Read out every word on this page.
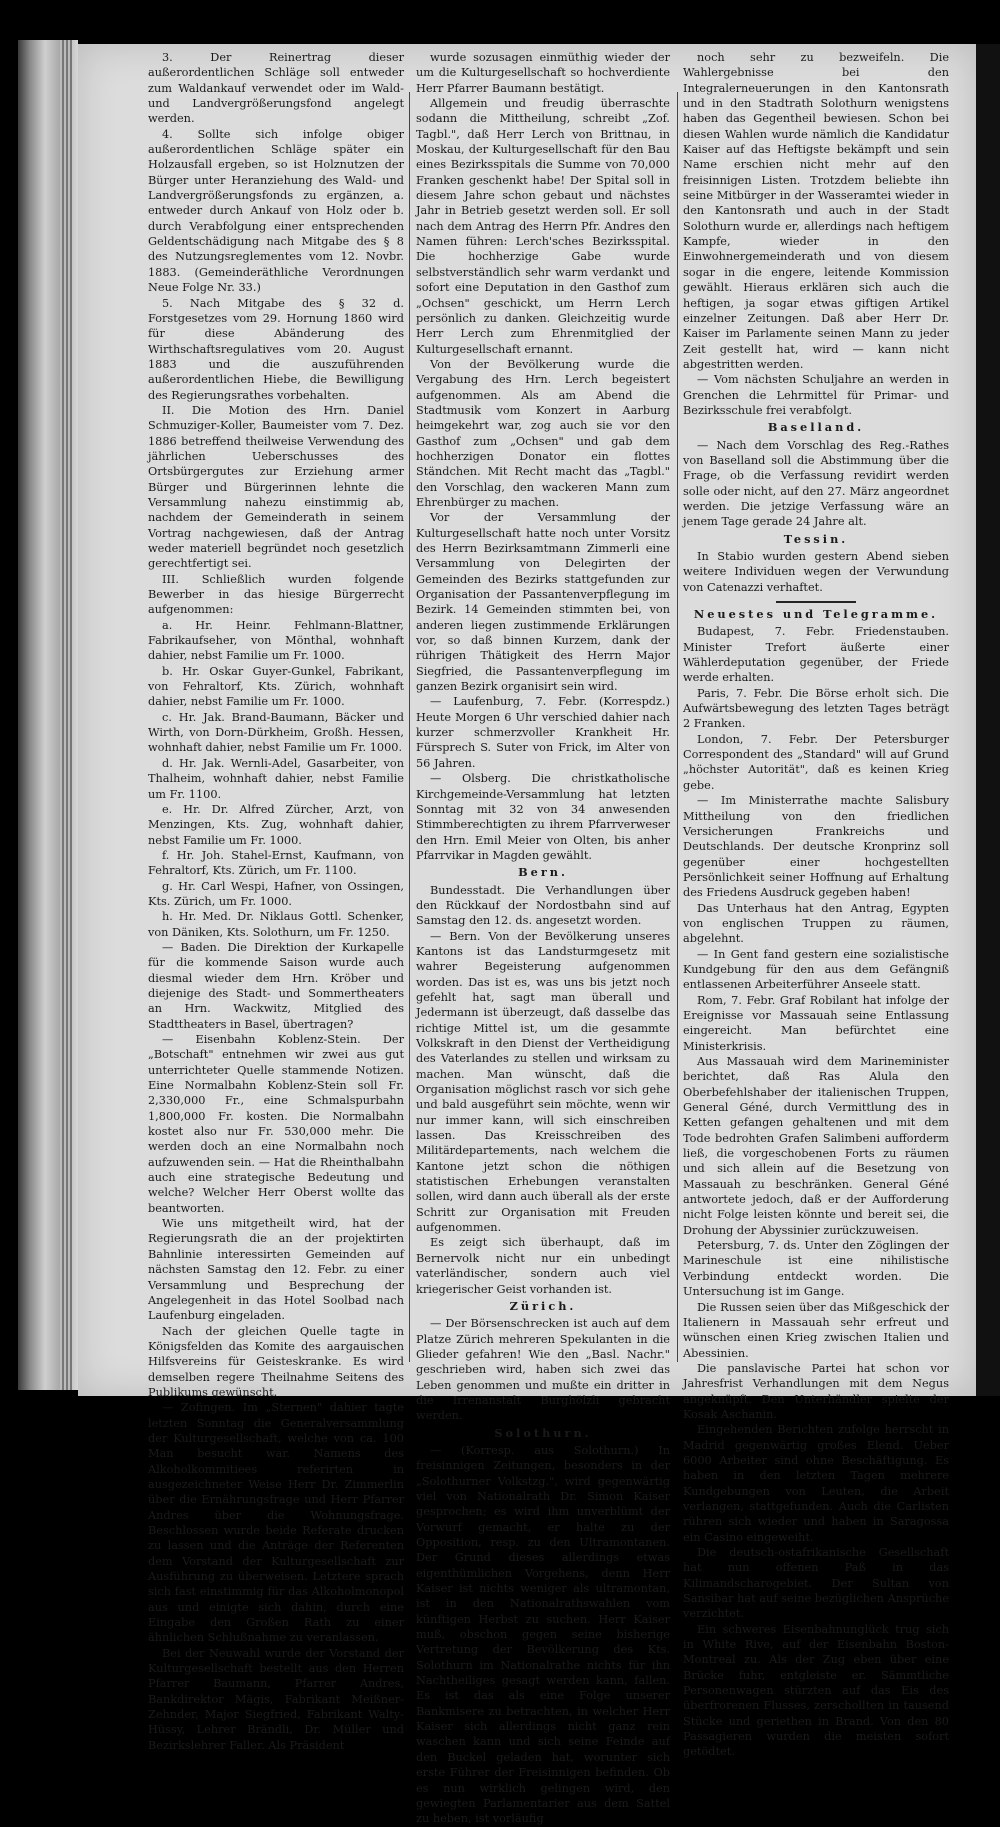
3. Der Reinertrag dieser außerordentlichen Schläge soll entweder zum Waldankauf verwendet oder im Wald- und Landvergrößerungsfond angelegt werden.

4. Sollte sich infolge obiger außerordentlichen Schläge später ein Holzausfall ergeben, so ist Holznutzen der Bürger unter Heranziehung des Wald- und Landvergrößerungsfonds zu ergänzen, a. entweder durch Ankauf von Holz oder b. durch Verabfolgung einer entsprechenden Geldentschädigung nach Mitgabe des § 8 des Nutzungsreglementes vom 12. Novbr. 1883. (Gemeinderäthliche Verordnungen Neue Folge Nr. 33.)

5. Nach Mitgabe des § 32 d. Forstgesetzes vom 29. Hornung 1860 wird für diese Abänderung des Wirthschaftsregulatives vom 20. August 1883 und die auszuführenden außerordentlichen Hiebe, die Bewilligung des Regierungsrathes vorbehalten.

II. Die Motion des Hrn. Daniel Schmuziger-Koller, Baumeister vom 7. Dez. 1886 betreffend theilweise Verwendung des jährlichen Ueberschusses des Ortsbürgergutes zur Erziehung armer Bürger und Bürgerinnen lehnte die Versammlung nahezu einstimmig ab, nachdem der Gemeinderath in seinem Vortrag nachgewiesen, daß der Antrag weder materiell begründet noch gesetzlich gerechtfertigt sei.

III. Schließlich wurden folgende Bewerber in das hiesige Bürgerrecht aufgenommen:

a. Hr. Heinr. Fehlmann-Blattner, Fabrikaufseher, von Mönthal, wohnhaft dahier, nebst Familie um Fr. 1000.

b. Hr. Oskar Guyer-Gunkel, Fabrikant, von Fehraltorf, Kts. Zürich, wohnhaft dahier, nebst Familie um Fr. 1000.

c. Hr. Jak. Brand-Baumann, Bäcker und Wirth, von Dorn-Dürkheim, Großh. Hessen, wohnhaft dahier, nebst Familie um Fr. 1000.

d. Hr. Jak. Wernli-Adel, Gasarbeiter, von Thalheim, wohnhaft dahier, nebst Familie um Fr. 1100.

e. Hr. Dr. Alfred Zürcher, Arzt, von Menzingen, Kts. Zug, wohnhaft dahier, nebst Familie um Fr. 1000.

f. Hr. Joh. Stahel-Ernst, Kaufmann, von Fehraltorf, Kts. Zürich, um Fr. 1100.

g. Hr. Carl Wespi, Hafner, von Ossingen, Kts. Zürich, um Fr. 1000.

h. Hr. Med. Dr. Niklaus Gottl. Schenker, von Däniken, Kts. Solothurn, um Fr. 1250.

— Baden. Die Direktion der Kurkapelle für die kommende Saison wurde auch diesmal wieder dem Hrn. Kröber und diejenige des Stadt- und Sommertheaters an Hrn. Wackwitz, Mitglied des Stadttheaters in Basel, übertragen?

— Eisenbahn Koblenz-Stein. Der „Botschaft" entnehmen wir zwei aus gut unterrichteter Quelle stammende Notizen. Eine Normalbahn Koblenz-Stein soll Fr. 2,330,000 Fr., eine Schmalspurbahn 1,800,000 Fr. kosten. Die Normalbahn kostet also nur Fr. 530,000 mehr. Die werden doch an eine Normalbahn noch aufzuwenden sein. — Hat die Rheinthalbahn auch eine strategische Bedeutung und welche? Welcher Herr Oberst wollte das beantworten.

Wie uns mitgetheilt wird, hat der Regierungsrath die an der projektirten Bahnlinie interessirten Gemeinden auf nächsten Samstag den 12. Febr. zu einer Versammlung und Besprechung der Angelegenheit in das Hotel Soolbad nach Laufenburg eingeladen.

Nach der gleichen Quelle tagte in Königsfelden das Komite des aargauischen Hilfsvereins für Geisteskranke. Es wird demselben regere Theilnahme Seitens des Publikums gewünscht.

— Zofingen. Im „Sternen" dahier tagte letzten Sonntag die Generalversammlung der Kulturgesellschaft, welche von ca. 100 Man besucht war. Namens des Alkoholkommitiees referirten in ausgezeichneter Weise Herr Dr. Zimmerlin über die Ernährungsfrage und Herr Pfarrer Andres über die Wohnungsfrage. Beschlossen wurde beide Referate drucken zu lassen und die Anträge der Referenten dem Vorstand der Kulturgesellschaft zur Ausführung zu überweisen. Letztere sprach sich fast einstimmig für das Alkoholmonopol aus und einigte sich dahin, durch eine Eingabe den Großen Rath zu einer ähnlichen Schlußnahme zu veranlassen.

Bei der Neuwahl wurde der Vorstand der Kulturgesellschaft bestellt aus den Herren Pfarrer Baumann, Pfarrer Andres, Bankdirektor Mägis, Fabrikant Meißner-Zehnder, Major Siegfried, Fabrikant Walty-Hüssy, Lehrer Brändli, Dr. Müller und Bezirkslehrer Faller. Als Präsident

wurde sozusagen einmüthig wieder der um die Kulturgesellschaft so hochverdiente Herr Pfarrer Baumann bestätigt.

Allgemein und freudig überraschte sodann die Mittheilung, schreibt „Zof. Tagbl.", daß Herr Lerch von Brittnau, in Moskau, der Kulturgesellschaft für den Bau eines Bezirksspitals die Summe von 70,000 Franken geschenkt habe! Der Spital soll in diesem Jahre schon gebaut und nächstes Jahr in Betrieb gesetzt werden soll. Er soll nach dem Antrag des Herrn Pfr. Andres den Namen führen: Lerch'sches Bezirksspital. Die hochherzige Gabe wurde selbstverständlich sehr warm verdankt und sofort eine Deputation in den Gasthof zum „Ochsen" geschickt, um Herrn Lerch persönlich zu danken. Gleichzeitig wurde Herr Lerch zum Ehrenmitglied der Kulturgesellschaft ernannt.

Von der Bevölkerung wurde die Vergabung des Hrn. Lerch begeistert aufgenommen. Als am Abend die Stadtmusik vom Konzert in Aarburg heimgekehrt war, zog auch sie vor den Gasthof zum „Ochsen" und gab dem hochherzigen Donator ein flottes Ständchen. Mit Recht macht das „Tagbl." den Vorschlag, den wackeren Mann zum Ehrenbürger zu machen.

Vor der Versammlung der Kulturgesellschaft hatte noch unter Vorsitz des Herrn Bezirksamtmann Zimmerli eine Versammlung von Delegirten der Gemeinden des Bezirks stattgefunden zur Organisation der Passantenverpflegung im Bezirk. 14 Gemeinden stimmten bei, von anderen liegen zustimmende Erklärungen vor, so daß binnen Kurzem, dank der rührigen Thätigkeit des Herrn Major Siegfried, die Passantenverpflegung im ganzen Bezirk organisirt sein wird.

— Laufenburg, 7. Febr. (Korrespdz.) Heute Morgen 6 Uhr verschied dahier nach kurzer schmerzvoller Krankheit Hr. Fürsprech S. Suter von Frick, im Alter von 56 Jahren.

— Olsberg. Die christkatholische Kirchgemeinde-Versammlung hat letzten Sonntag mit 32 von 34 anwesenden Stimmberechtigten zu ihrem Pfarrverweser den Hrn. Emil Meier von Olten, bis anher Pfarrvikar in Magden gewählt.

Bern.

Bundesstadt. Die Verhandlungen über den Rückkauf der Nordostbahn sind auf Samstag den 12. ds. angesetzt worden.

— Bern. Von der Bevölkerung unseres Kantons ist das Landsturmgesetz mit wahrer Begeisterung aufgenommen worden. Das ist es, was uns bis jetzt noch gefehlt hat, sagt man überall und Jedermann ist überzeugt, daß dasselbe das richtige Mittel ist, um die gesammte Volkskraft in den Dienst der Vertheidigung des Vaterlandes zu stellen und wirksam zu machen. Man wünscht, daß die Organisation möglichst rasch vor sich gehe und bald ausgeführt sein möchte, wenn wir nur immer kann, will sich einschreiben lassen. Das Kreisschreiben des Militärdepartements, nach welchem die Kantone jetzt schon die nöthigen statistischen Erhebungen veranstalten sollen, wird dann auch überall als der erste Schritt zur Organisation mit Freuden aufgenommen.

Es zeigt sich überhaupt, daß im Bernervolk nicht nur ein unbedingt vaterländischer, sondern auch viel kriegerischer Geist vorhanden ist.

Zürich.

— Der Börsenschrecken ist auch auf dem Platze Zürich mehreren Spekulanten in die Glieder gefahren! Wie den „Basl. Nachr." geschrieben wird, haben sich zwei das Leben genommen und mußte ein dritter in die Irrenanstalt Burghölzli gebracht werden.

Solothurn.

— (Korresp. aus Solothurn.) In freisinnigen Zeitungen, besonders in der „Solothurner Volkstzg.", wird gegenwärtig viel von Nationalrath Dr. Simon Kaiser gesprochen; es wird ihm unverblümt der Vorwurf gemacht, er halte zu der Opposition, resp. zu den Ultramontanen. Der Grund dieses allerdings etwas eigenthümlichen Vorgehens, denn Herr Kaiser ist nichts weniger als ultramontan, ist in den Nationalrathswahlen vom künftigen Herbst zu suchen. Herr Kaiser muß, obschon gegen seine bisherige Vertretung der Bevölkerung des Kts. Solothurn im Nationalrathe nichts für ihn Nachtheiliges gesagt werden kann, fallen. Es ist das als eine Folge unserer Bankmisere zu betrachten, in welcher Herr Kaiser sich allerdings nicht ganz rein waschen kann und sich seine Feinde auf den Buckel geladen hat, worunter sich erste Führer der Freisinnigen befinden. Ob es nun wirklich gelingen wird, den gewiegten Parlamentarier aus dem Sattel zu heben, ist vorläufig

noch sehr zu bezweifeln. Die Wahlergebnisse bei den Integralerneuerungen in den Kantonsrath und in den Stadtrath Solothurn wenigstens haben das Gegentheil bewiesen. Schon bei diesen Wahlen wurde nämlich die Kandidatur Kaiser auf das Heftigste bekämpft und sein Name erschien nicht mehr auf den freisinnigen Listen. Trotzdem beliebte ihn seine Mitbürger in der Wasseramtei wieder in den Kantonsrath und auch in der Stadt Solothurn wurde er, allerdings nach heftigem Kampfe, wieder in den Einwohnergemeinderath und von diesem sogar in die engere, leitende Kommission gewählt. Hieraus erklären sich auch die heftigen, ja sogar etwas giftigen Artikel einzelner Zeitungen. Daß aber Herr Dr. Kaiser im Parlamente seinen Mann zu jeder Zeit gestellt hat, wird — kann nicht abgestritten werden.

— Vom nächsten Schuljahre an werden in Grenchen die Lehrmittel für Primar- und Bezirksschule frei verabfolgt.

Baselland.

— Nach dem Vorschlag des Reg.-Rathes von Baselland soll die Abstimmung über die Frage, ob die Verfassung revidirt werden solle oder nicht, auf den 27. März angeordnet werden. Die jetzige Verfassung wäre an jenem Tage gerade 24 Jahre alt.

Tessin.

In Stabio wurden gestern Abend sieben weitere Individuen wegen der Verwundung von Catenazzi verhaftet.

Neuestes und Telegramme.

Budapest, 7. Febr. Friedenstauben. Minister Trefort äußerte einer Wählerdeputation gegenüber, der Friede werde erhalten.

Paris, 7. Febr. Die Börse erholt sich. Die Aufwärtsbewegung des letzten Tages beträgt 2 Franken.

London, 7. Febr. Der Petersburger Correspondent des „Standard" will auf Grund „höchster Autorität", daß es keinen Krieg gebe.

— Im Ministerrathe machte Salisbury Mittheilung von den friedlichen Versicherungen Frankreichs und Deutschlands. Der deutsche Kronprinz soll gegenüber einer hochgestellten Persönlichkeit seiner Hoffnung auf Erhaltung des Friedens Ausdruck gegeben haben!

Das Unterhaus hat den Antrag, Egypten von englischen Truppen zu räumen, abgelehnt.

— In Gent fand gestern eine sozialistische Kundgebung für den aus dem Gefängniß entlassenen Arbeiterführer Anseele statt.

Rom, 7. Febr. Graf Robilant hat infolge der Ereignisse vor Massauah seine Entlassung eingereicht. Man befürchtet eine Ministerkrisis.

Aus Massauah wird dem Marineminister berichtet, daß Ras Alula den Oberbefehlshaber der italienischen Truppen, General Géné, durch Vermittlung des in Ketten gefangen gehaltenen und mit dem Tode bedrohten Grafen Salimbeni aufforderm ließ, die vorgeschobenen Forts zu räumen und sich allein auf die Besetzung von Massauah zu beschränken. General Géné antwortete jedoch, daß er der Aufforderung nicht Folge leisten könnte und bereit sei, die Drohung der Abyssinier zurückzuweisen.

Petersburg, 7. ds. Unter den Zöglingen der Marineschule ist eine nihilistische Verbindung entdeckt worden. Die Untersuchung ist im Gange.

Die Russen seien über das Mißgeschick der Italienern in Massauah sehr erfreut und wünschen einen Krieg zwischen Italien und Abessinien.

Die panslavische Partei hat schon vor Jahresfrist Verhandlungen mit dem Negus angeknüpft. Den Unterhändler spielte der Kosak Aschanin.

Eingehenden Berichten zufolge herrscht in Madrid gegenwärtig großes Elend. Ueber 6000 Arbeiter sind ohne Beschäftigung. Es haben in den letzten Tagen mehrere Kundgebungen von Leuten, die Arbeit verlangen, stattgefunden. Auch die Carlisten rühren sich wieder und haben in Saragossa ein Casino eingeweiht.

Die deutsch-ostafrikanische Gesellschaft hat nun offenen Paß in das Kilimandscharogebiet. Der Sultan von Sansibar hat auf seine bezüglichen Ansprüche verzichtet.

Ein schweres Eisenbahnunglück trug sich in White Rive, auf der Eisenbahn Boston-Montreal zu. Als der Zug eben über eine Brücke fuhr, entgleiste er. Sämmtliche Personenwagen stürzten auf das Eis des überfrorenen Flusses, zerschollten in tausend Stücke und geriethen in Brand. Von den 80 Passagieren wurden die meisten sofort getödtet.
